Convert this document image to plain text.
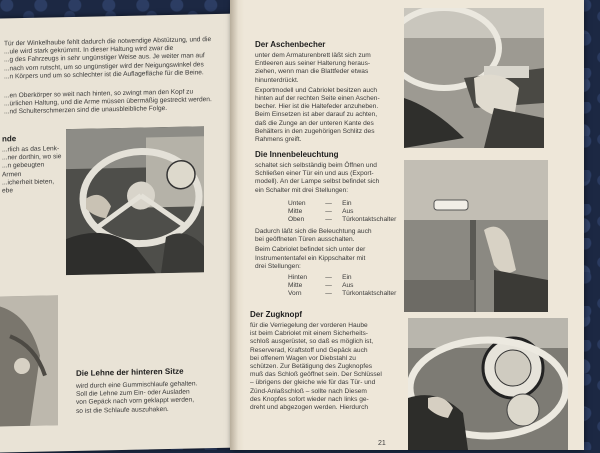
Tür der Winkelhaube fehlt dadurch die notwendige Abstützung, und die
...ule wird stark gekrümmt. In dieser Haltung wird zwar die
...g des Fahrzeugs in sehr ungünstiger Weise aus. Je weiter man auf
...nach vorn rutscht, um so ungünstiger wird der Neigungswinkel des
...n Körpers und um so schlechter ist die Auflagefläche für die Beine.
...en Oberkörper so weit nach hinten, so zwingt man den Kopf zu
...ürlichen Haltung, und die Arme müssen übermäßig gestreckt werden.
...nd Schulterschmerzen sind die unausbleibliche Folge.
nde
...rlich as das Lenk-
...ner dorthin, wo sie
...n gebeugten Armen
...icherheit bieten, ebe
Die Lehne der hinteren Sitze
wird durch eine Gummischlaufe gehalten.
Soll die Lehne zum Ein- oder Ausladen
von Gepäck nach vorn geklappt werden,
so ist die Schlaufe auszuhaken.
Der Aschenbecher
unter dem Armaturenbrett läßt sich zum
Entleeren aus seiner Halterung heraus-
ziehen, wenn man die Blattfeder etwas
hinunterdrückt.
Exportmodell und Cabriolet besitzen auch
hinten auf der rechten Seite einen Aschen-
becher. Hier ist die Haltefeder anzuheben.
Beim Einsetzen ist aber darauf zu achten,
daß die Zunge an der unteren Kante des
Behälters in den zugehörigen Schlitz des
Rahmens greift.
Die Innenbeleuchtung
schaltet sich selbständig beim Öffnen und
Schließen einer Tür ein und aus (Export-
modell). An der Lampe selbst befindet sich
ein Schalter mit drei Stellungen:
Unten	—	Ein
Mitte	—	Aus
Oben	—	Türkontaktschalter
Dadurch läßt sich die Beleuchtung auch
bei geöffneten Türen ausschalten.
Beim Cabriolet befindet sich unter der
Instrumententafel ein Kippschalter mit
drei Stellungen:
Hinten	—	Ein
Mitte	—	Aus
Vorn	—	Türkontaktschalter
Der Zugknopf
für die Verriegelung der vorderen Haube
ist beim Cabriolet mit einem Sicherheits-
schloß ausgerüstet, so daß es möglich ist,
Reserverad, Kraftstoff und Gepäck auch
bei offenem Wagen vor Diebstahl zu
schützen. Zur Betätigung des Zugknopfes
muß das Schloß geöffnet sein. Der Schlüssel
– übrigens der gleiche wie für das Tür- und
Zünd-Anlaßschloß – sollte nach Diesem
des Knopfes sofort wieder nach links ge-
dreht und abgezogen werden. Hierdurch
21
